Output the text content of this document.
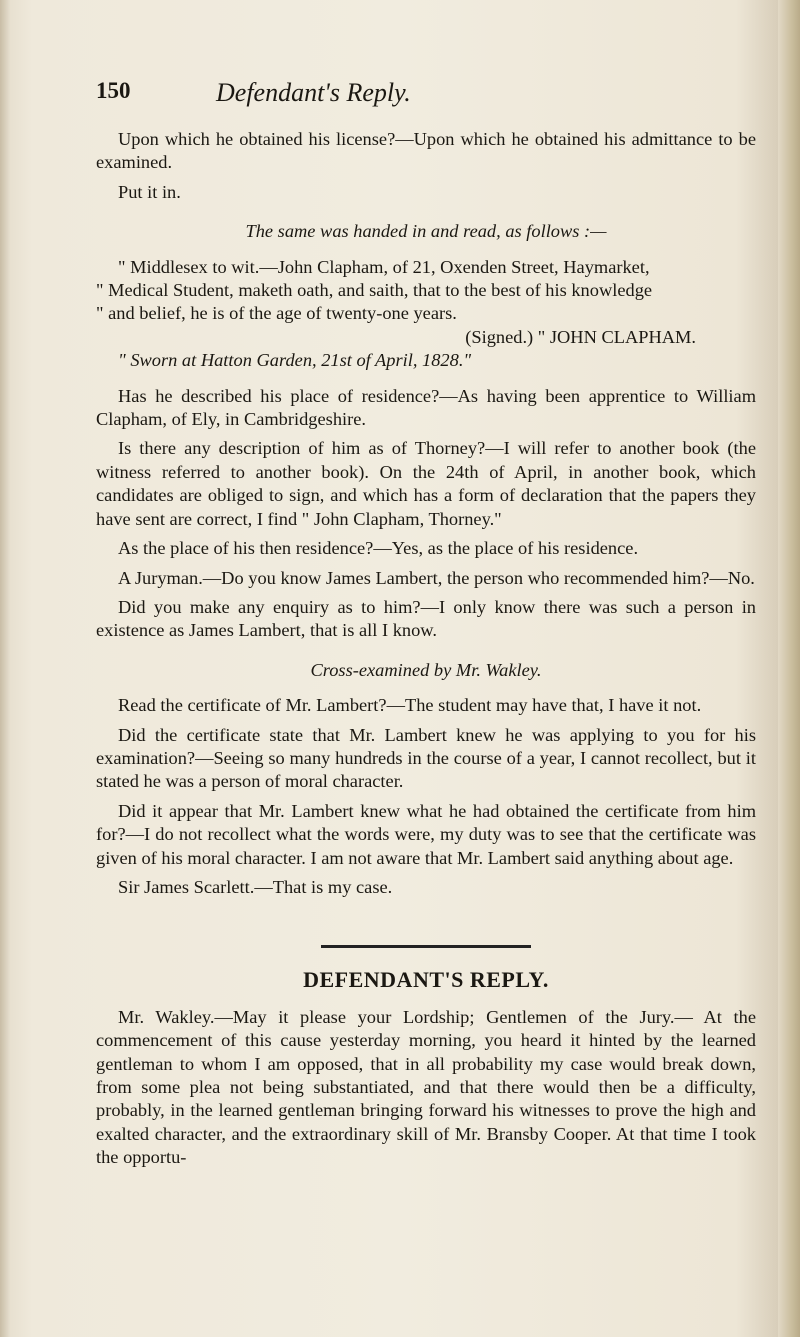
150	Defendant's Reply.

Upon which he obtained his license?—Upon which he obtained his admittance to be examined.

Put it in.

The same was handed in and read, as follows :—

" Middlesex to wit.—John Clapham, of 21, Oxenden Street, Haymarket,

" Medical Student, maketh oath, and saith, that to the best of his knowledge

" and belief, he is of the age of twenty-one years.

(Signed.) " JOHN CLAPHAM.

" Sworn at Hatton Garden, 21st of April, 1828."

Has he described his place of residence?—As having been apprentice to William Clapham, of Ely, in Cambridgeshire.

Is there any description of him as of Thorney?—I will refer to another book (the witness referred to another book). On the 24th of April, in another book, which candidates are obliged to sign, and which has a form of declaration that the papers they have sent are correct, I find " John Clapham, Thorney."

As the place of his then residence?—Yes, as the place of his residence.

A Juryman.—Do you know James Lambert, the person who recommended him?—No.

Did you make any enquiry as to him?—I only know there was such a person in existence as James Lambert, that is all I know.

Cross-examined by Mr. Wakley.

Read the certificate of Mr. Lambert?—The student may have that, I have it not.

Did the certificate state that Mr. Lambert knew he was applying to you for his examination?—Seeing so many hundreds in the course of a year, I cannot recollect, but it stated he was a person of moral character.

Did it appear that Mr. Lambert knew what he had obtained the certificate from him for?—I do not recollect what the words were, my duty was to see that the certificate was given of his moral character. I am not aware that Mr. Lambert said anything about age.

Sir James Scarlett.—That is my case.

DEFENDANT'S REPLY.

Mr. Wakley.—May it please your Lordship; Gentlemen of the Jury.— At the commencement of this cause yesterday morning, you heard it hinted by the learned gentleman to whom I am opposed, that in all probability my case would break down, from some plea not being substantiated, and that there would then be a difficulty, probably, in the learned gentleman bringing forward his witnesses to prove the high and exalted character, and the extraordinary skill of Mr. Bransby Cooper. At that time I took the opportu-
